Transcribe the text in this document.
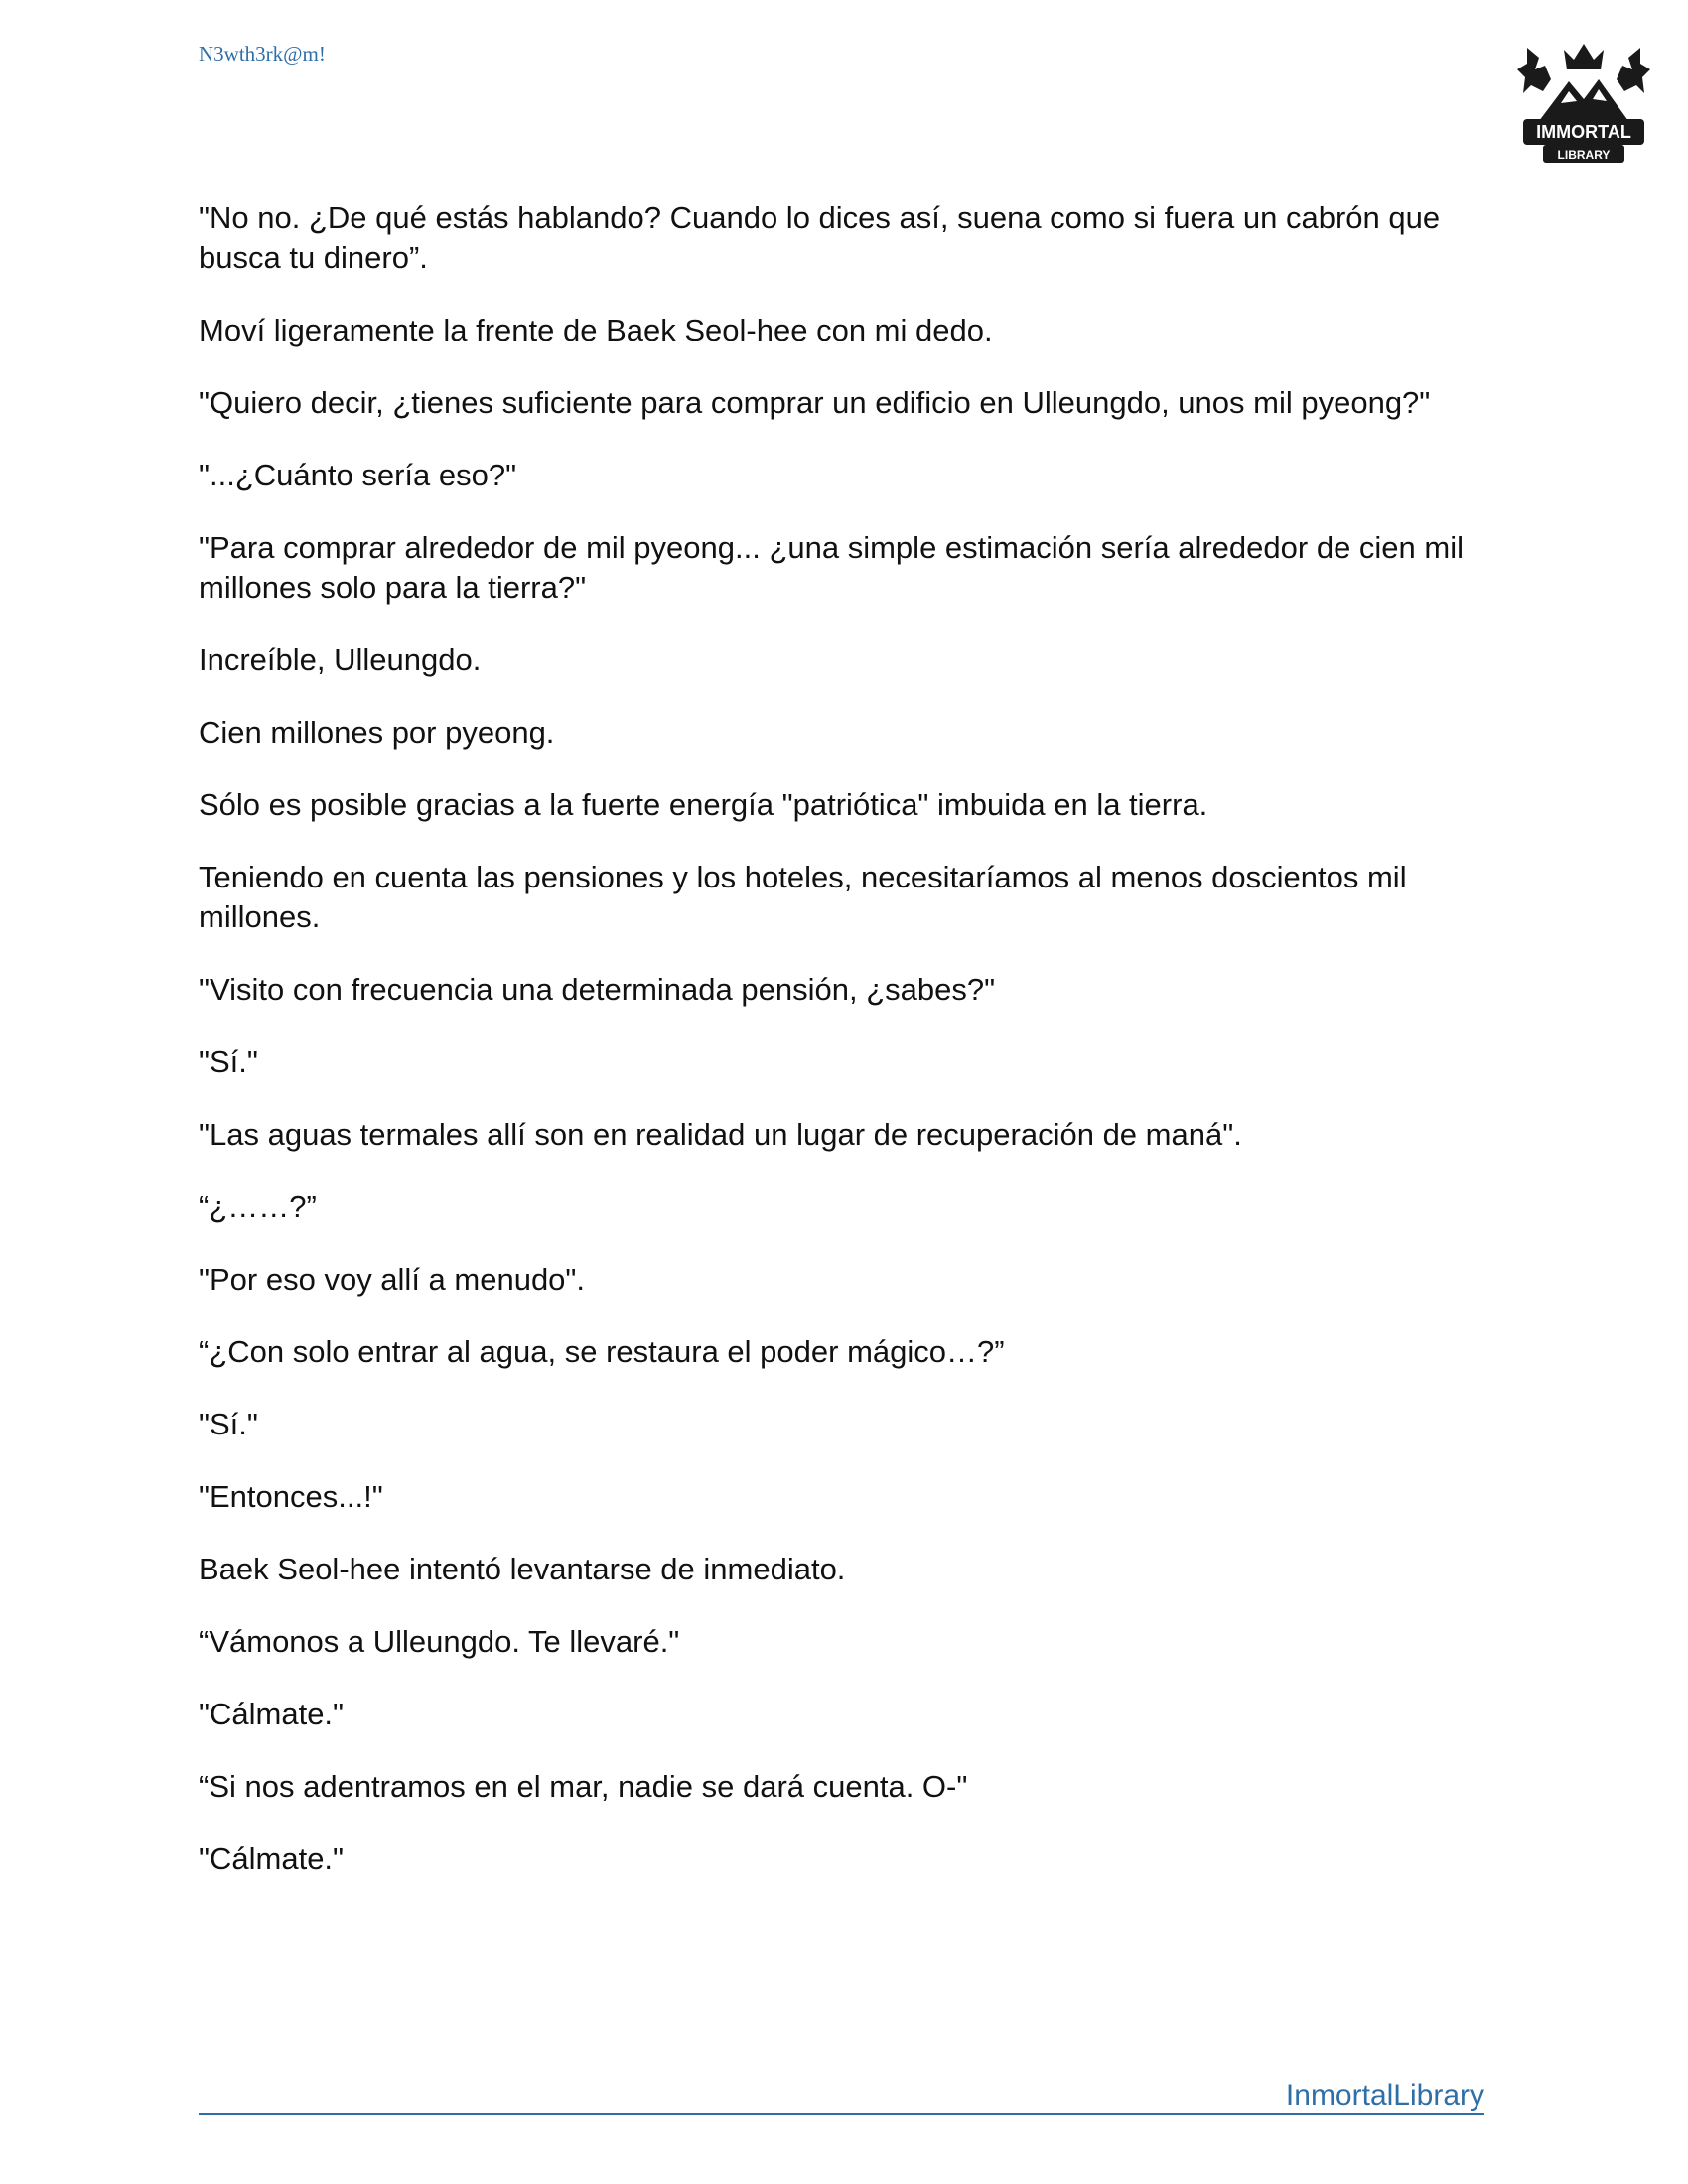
N3wth3rk@m!
IMMORTAL
LIBRARY

"No no. ¿De qué estás hablando? Cuando lo dices así, suena como si fuera un cabrón que busca tu dinero”.

Moví ligeramente la frente de Baek Seol-hee con mi dedo.

"Quiero decir, ¿tienes suficiente para comprar un edificio en Ulleungdo, unos mil pyeong?"

"...¿Cuánto sería eso?"

"Para comprar alrededor de mil pyeong... ¿una simple estimación sería alrededor de cien mil millones solo para la tierra?"

Increíble, Ulleungdo.

Cien millones por pyeong.

Sólo es posible gracias a la fuerte energía "patriótica" imbuida en la tierra.

Teniendo en cuenta las pensiones y los hoteles, necesitaríamos al menos doscientos mil millones.

"Visito con frecuencia una determinada pensión, ¿sabes?"

"Sí."

"Las aguas termales allí son en realidad un lugar de recuperación de maná".

“¿……?”

"Por eso voy allí a menudo".

“¿Con solo entrar al agua, se restaura el poder mágico…?”

"Sí."

"Entonces...!"

Baek Seol-hee intentó levantarse de inmediato.

“Vámonos a Ulleungdo. Te llevaré."

"Cálmate."

“Si nos adentramos en el mar, nadie se dará cuenta. O-"

"Cálmate."

InmortalLibrary
